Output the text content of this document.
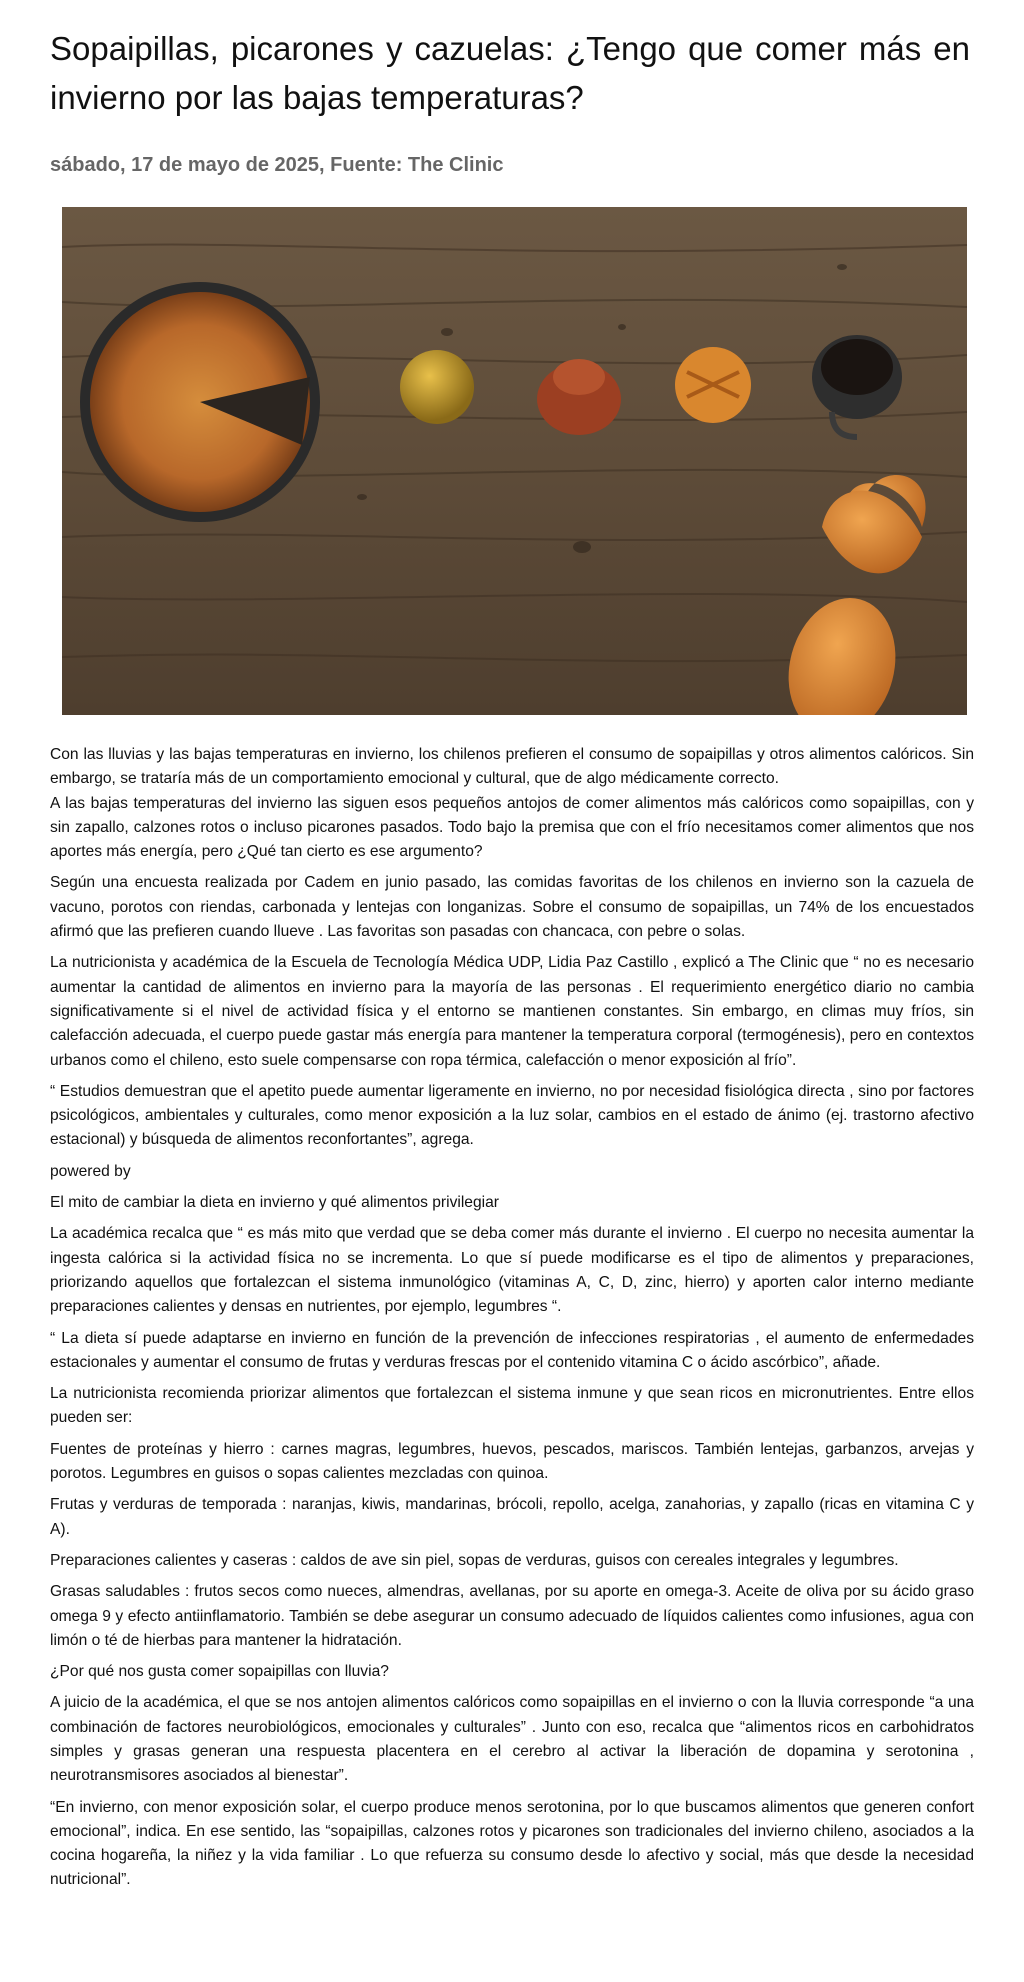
Sopaipillas, picarones y cazuelas: ¿Tengo que comer más en invierno por las bajas temperaturas?
sábado, 17 de mayo de 2025, Fuente: The Clinic

Con las lluvias y las bajas temperaturas en invierno, los chilenos prefieren el consumo de sopaipillas y otros alimentos calóricos. Sin embargo, se trataría más de un comportamiento emocional y cultural, que de algo médicamente correcto.

A las bajas temperaturas del invierno las siguen esos pequeños antojos de comer alimentos más calóricos como sopaipillas, con y sin zapallo, calzones rotos o incluso picarones pasados. Todo bajo la premisa que con el frío necesitamos comer alimentos que nos aportes más energía, pero ¿Qué tan cierto es ese argumento?

Según una encuesta realizada por Cadem en junio pasado, las comidas favoritas de los chilenos en invierno son la cazuela de vacuno, porotos con riendas, carbonada y lentejas con longanizas. Sobre el consumo de sopaipillas, un 74% de los encuestados afirmó que las prefieren cuando llueve . Las favoritas son pasadas con chancaca, con pebre o solas.

La nutricionista y académica de la Escuela de Tecnología Médica UDP, Lidia Paz Castillo , explicó a The Clinic que “ no es necesario aumentar la cantidad de alimentos en invierno para la mayoría de las personas . El requerimiento energético diario no cambia significativamente si el nivel de actividad física y el entorno se mantienen constantes. Sin embargo, en climas muy fríos, sin calefacción adecuada, el cuerpo puede gastar más energía para mantener la temperatura corporal (termogénesis), pero en contextos urbanos como el chileno, esto suele compensarse con ropa térmica, calefacción o menor exposición al frío”.

“ Estudios demuestran que el apetito puede aumentar ligeramente en invierno, no por necesidad fisiológica directa , sino por factores psicológicos, ambientales y culturales, como menor exposición a la luz solar, cambios en el estado de ánimo (ej. trastorno afectivo estacional) y búsqueda de alimentos reconfortantes”, agrega.

powered by

El mito de cambiar la dieta en invierno y qué alimentos privilegiar

La académica recalca que “ es más mito que verdad que se deba comer más durante el invierno . El cuerpo no necesita aumentar la ingesta calórica si la actividad física no se incrementa. Lo que sí puede modificarse es el tipo de alimentos y preparaciones, priorizando aquellos que fortalezcan el sistema inmunológico (vitaminas A, C, D, zinc, hierro) y aporten calor interno mediante preparaciones calientes y densas en nutrientes, por ejemplo, legumbres “.

“ La dieta sí puede adaptarse en invierno en función de la prevención de infecciones respiratorias , el aumento de enfermedades estacionales y aumentar el consumo de frutas y verduras frescas por el contenido vitamina C o ácido ascórbico”, añade.

La nutricionista recomienda priorizar alimentos que fortalezcan el sistema inmune y que sean ricos en micronutrientes. Entre ellos pueden ser:

Fuentes de proteínas y hierro : carnes magras, legumbres, huevos, pescados, mariscos. También lentejas, garbanzos, arvejas y porotos. Legumbres en guisos o sopas calientes mezcladas con quinoa.

Frutas y verduras de temporada : naranjas, kiwis, mandarinas, brócoli, repollo, acelga, zanahorias, y zapallo (ricas en vitamina C y A).

Preparaciones calientes y caseras : caldos de ave sin piel, sopas de verduras, guisos con cereales integrales y legumbres.

Grasas saludables : frutos secos como nueces, almendras, avellanas, por su aporte en omega-3. Aceite de oliva por su ácido graso omega 9 y efecto antiinflamatorio. También se debe asegurar un consumo adecuado de líquidos calientes como infusiones, agua con limón o té de hierbas para mantener la hidratación.

¿Por qué nos gusta comer sopaipillas con lluvia?

A juicio de la académica, el que se nos antojen alimentos calóricos como sopaipillas en el invierno o con la lluvia corresponde “a una combinación de factores neurobiológicos, emocionales y culturales” . Junto con eso, recalca que “alimentos ricos en carbohidratos simples y grasas generan una respuesta placentera en el cerebro al activar la liberación de dopamina y serotonina , neurotransmisores asociados al bienestar”.

“En invierno, con menor exposición solar, el cuerpo produce menos serotonina, por lo que buscamos alimentos que generen confort emocional”, indica. En ese sentido, las “sopaipillas, calzones rotos y picarones son tradicionales del invierno chileno, asociados a la cocina hogareña, la niñez y la vida familiar . Lo que refuerza su consumo desde lo afectivo y social, más que desde la necesidad nutricional”.
